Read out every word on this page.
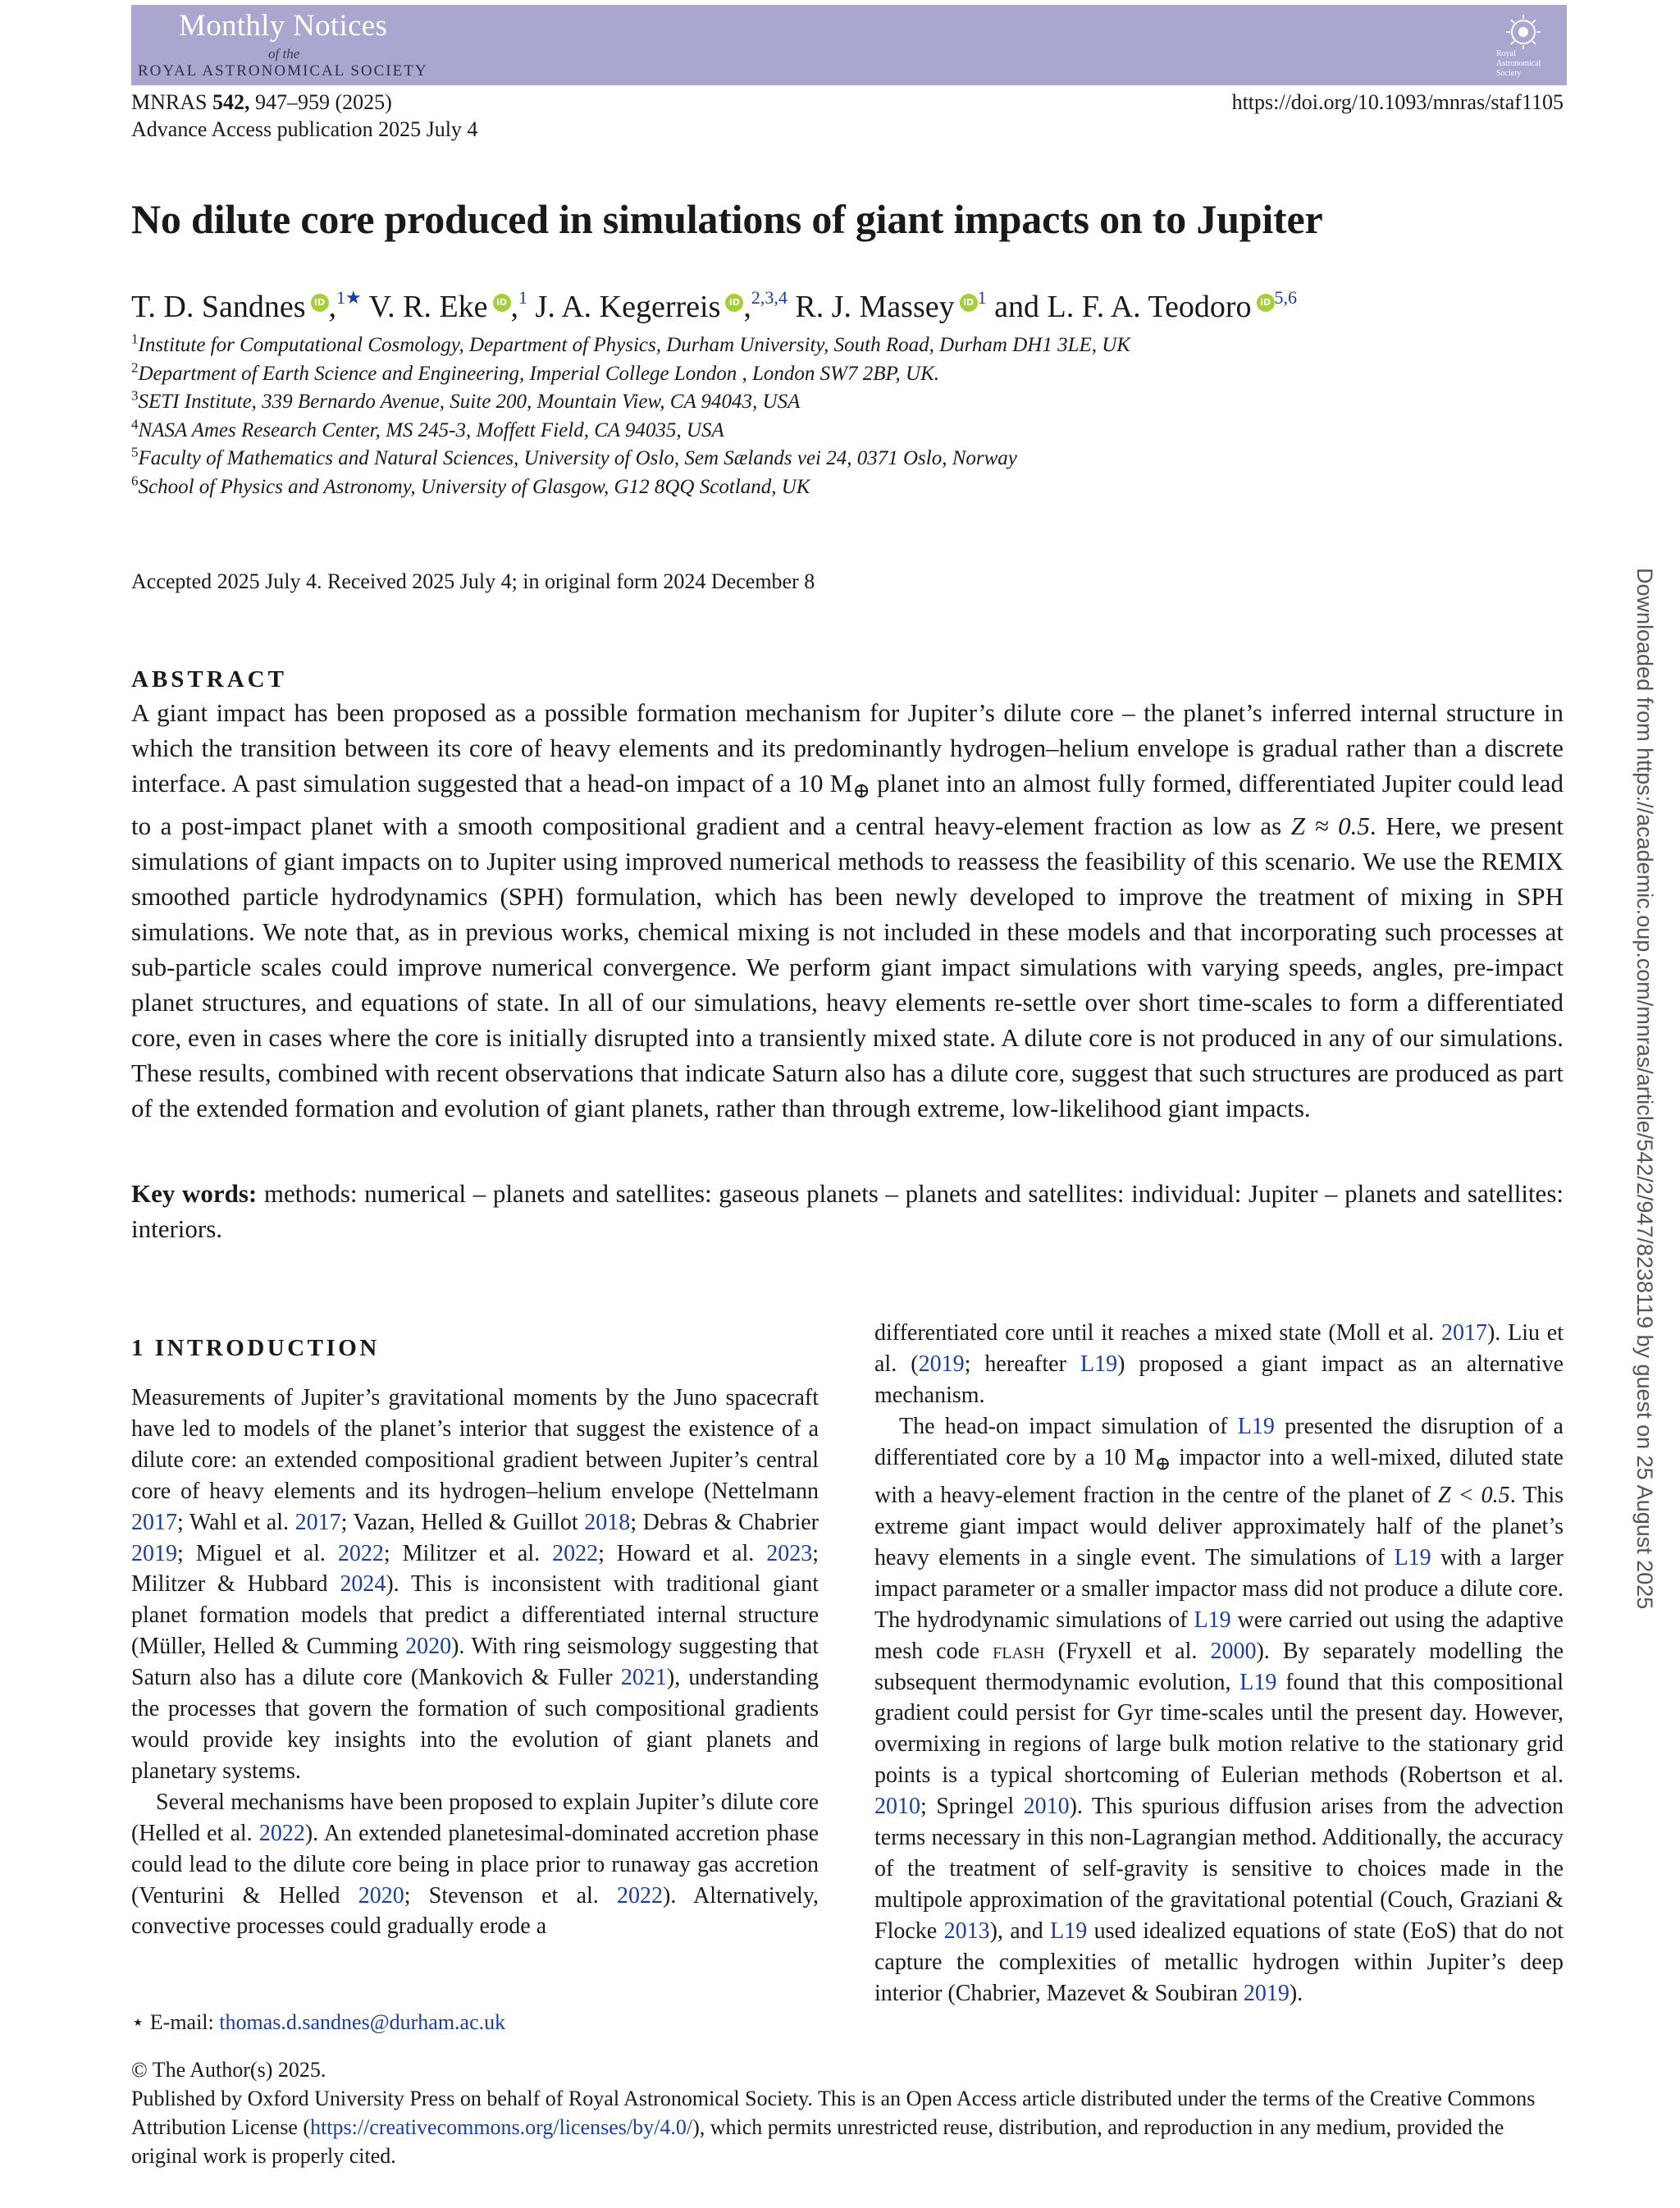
Monthly Notices
of the
ROYAL ASTRONOMICAL SOCIETY
Royal Astronomical Society
MNRAS 542, 947–959 (2025)
Advance Access publication 2025 July 4
https://doi.org/10.1093/mnras/staf1105
No dilute core produced in simulations of giant impacts on to Jupiter
T. D. Sandnes iD ,$^{1★}$ V. R. Eke iD ,$^1$ J. A. Kegerreis iD ,$^{2,3,4}$ R. J. Massey iD $^1$ and L. F. A. Teodoro iD $^{5,6}$
$^1$Institute for Computational Cosmology, Department of Physics, Durham University, South Road, Durham DH1 3LE, UK
$^2$Department of Earth Science and Engineering, Imperial College London , London SW7 2BP, UK.
$^3$SETI Institute, 339 Bernardo Avenue, Suite 200, Mountain View, CA 94043, USA
$^4$NASA Ames Research Center, MS 245-3, Moffett Field, CA 94035, USA
$^5$Faculty of Mathematics and Natural Sciences, University of Oslo, Sem Sælands vei 24, 0371 Oslo, Norway
$^6$School of Physics and Astronomy, University of Glasgow, G12 8QQ Scotland, UK
Accepted 2025 July 4. Received 2025 July 4; in original form 2024 December 8
ABSTRACT
A giant impact has been proposed as a possible formation mechanism for Jupiter’s dilute core – the planet’s inferred internal structure in which the transition between its core of heavy elements and its predominantly hydrogen–helium envelope is gradual rather than a discrete interface. A past simulation suggested that a head-on impact of a 10 $M_\oplus$ planet into an almost fully formed, differentiated Jupiter could lead to a post-impact planet with a smooth compositional gradient and a central heavy-element fraction as low as Z ≈ 0.5. Here, we present simulations of giant impacts on to Jupiter using improved numerical methods to reassess the feasibility of this scenario. We use the REMIX smoothed particle hydrodynamics (SPH) formulation, which has been newly developed to improve the treatment of mixing in SPH simulations. We note that, as in previous works, chemical mixing is not included in these models and that incorporating such processes at sub-particle scales could improve numerical convergence. We perform giant impact simulations with varying speeds, angles, pre-impact planet structures, and equations of state. In all of our simulations, heavy elements re-settle over short time-scales to form a differentiated core, even in cases where the core is initially disrupted into a transiently mixed state. A dilute core is not produced in any of our simulations. These results, combined with recent observations that indicate Saturn also has a dilute core, suggest that such structures are produced as part of the extended formation and evolution of giant planets, rather than through extreme, low-likelihood giant impacts.
Key words: methods: numerical – planets and satellites: gaseous planets – planets and satellites: individual: Jupiter – planets and satellites: interiors.
1 INTRODUCTION

Measurements of Jupiter’s gravitational moments by the Juno spacecraft have led to models of the planet’s interior that suggest the existence of a dilute core: an extended compositional gradient between Jupiter’s central core of heavy elements and its hydrogen–helium envelope (Nettelmann 2017; Wahl et al. 2017; Vazan, Helled & Guillot 2018; Debras & Chabrier 2019; Miguel et al. 2022; Militzer et al. 2022; Howard et al. 2023; Militzer & Hubbard 2024). This is inconsistent with traditional giant planet formation models that predict a differentiated internal structure (Müller, Helled & Cumming 2020). With ring seismology suggesting that Saturn also has a dilute core (Mankovich & Fuller 2021), understanding the processes that govern the formation of such compositional gradients would provide key insights into the evolution of giant planets and planetary systems.

Several mechanisms have been proposed to explain Jupiter’s dilute core (Helled et al. 2022). An extended planetesimal-dominated accretion phase could lead to the dilute core being in place prior to runaway gas accretion (Venturini & Helled 2020; Stevenson et al. 2022). Alternatively, convective processes could gradually erode a

differentiated core until it reaches a mixed state (Moll et al. 2017). Liu et al. (2019; hereafter L19) proposed a giant impact as an alternative mechanism.

The head-on impact simulation of L19 presented the disruption of a differentiated core by a 10 $M_\oplus$ impactor into a well-mixed, diluted state with a heavy-element fraction in the centre of the planet of Z < 0.5. This extreme giant impact would deliver approximately half of the planet’s heavy elements in a single event. The simulations of L19 with a larger impact parameter or a smaller impactor mass did not produce a dilute core. The hydrodynamic simulations of L19 were carried out using the adaptive mesh code flash (Fryxell et al. 2000). By separately modelling the subsequent thermodynamic evolution, L19 found that this compositional gradient could persist for Gyr time-scales until the present day. However, overmixing in regions of large bulk motion relative to the stationary grid points is a typical shortcoming of Eulerian methods (Robertson et al. 2010; Springel 2010). This spurious diffusion arises from the advection terms necessary in this non-Lagrangian method. Additionally, the accuracy of the treatment of self-gravity is sensitive to choices made in the multipole approximation of the gravitational potential (Couch, Graziani & Flocke 2013), and L19 used idealized equations of state (EoS) that do not capture the complexities of metallic hydrogen within Jupiter’s deep interior (Chabrier, Mazevet & Soubiran 2019).

⋆ E-mail: thomas.d.sandnes@durham.ac.uk
© The Author(s) 2025.
Published by Oxford University Press on behalf of Royal Astronomical Society. This is an Open Access article distributed under the terms of the Creative Commons Attribution License (https://creativecommons.org/licenses/by/4.0/), which permits unrestricted reuse, distribution, and reproduction in any medium, provided the original work is properly cited.
Downloaded from https://academic.oup.com/mnras/article/542/2/947/8238119 by guest on 25 August 2025
